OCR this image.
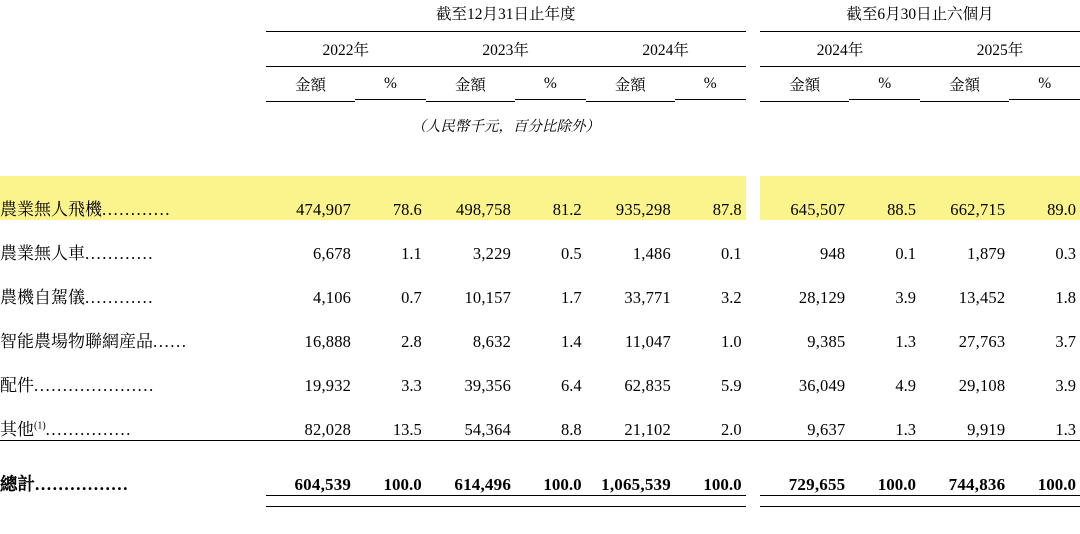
	截至12月31日止年度							截至6月30日止六個月			

	2022年		2023年		2024年			2024年		2025年	

	金額	%	金額	%	金額	%		金額	%	金額	%

	（人民幣千元，百分比除外）										

農業無人飛機............	474,907	78.6	498,758	81.2	935,298	87.8		645,507	88.5	662,715	89.0
農業無人車............	6,678	1.1	3,229	0.5	1,486	0.1		948	0.1	1,879	0.3
農機自駕儀............	4,106	0.7	10,157	1.7	33,771	3.2		28,129	3.9	13,452	1.8
智能農場物聯網産品......	16,888	2.8	8,632	1.4	11,047	1.0		9,385	1.3	27,763	3.7
配件.....................	19,932	3.3	39,356	6.4	62,835	5.9		36,049	4.9	29,108	3.9
其他$^{(1)}$...............	82,028	13.5	54,364	8.8	21,102	2.0		9,637	1.3	9,919	1.3
總計................	604,539	100.0	614,496	100.0	1,065,539	100.0		729,655	100.0	744,836	100.0
